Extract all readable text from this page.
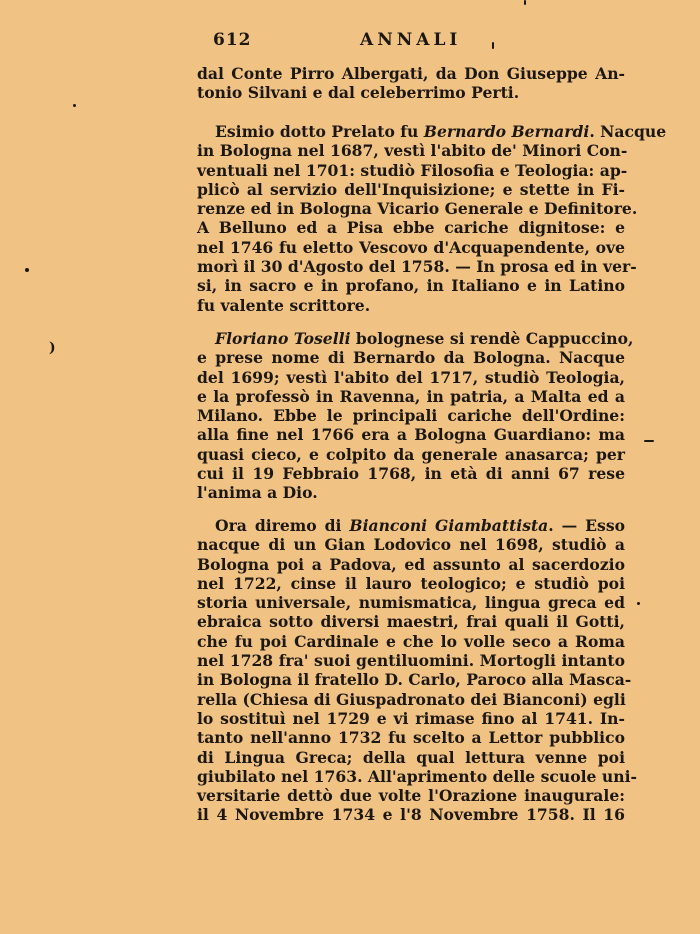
612	ANNALI
dal Conte Pirro Albergati, da Don Giuseppe An-
tonio Silvani e dal celeberrimo Perti.
Esimio dotto Prelato fu Bernardo Bernardi. Nacque
in Bologna nel 1687, vestì l'abito de' Minori Con-
ventuali nel 1701: studiò Filosofia e Teologia: ap-
plicò al servizio dell'Inquisizione; e stette in Fi-
renze ed in Bologna Vicario Generale e Definitore.
A Belluno ed a Pisa ebbe cariche dignitose: e
nel 1746 fu eletto Vescovo d'Acquapendente, ove
morì il 30 d'Agosto del 1758. — In prosa ed in ver-
si, in sacro e in profano, in Italiano e in Latino
fu valente scrittore.
Floriano Toselli bolognese si rendè Cappuccino,
e prese nome di Bernardo da Bologna. Nacque
del 1699; vestì l'abito del 1717, studiò Teologia,
e la professò in Ravenna, in patria, a Malta ed a
Milano. Ebbe le principali cariche dell'Ordine:
alla fine nel 1766 era a Bologna Guardiano: ma
quasi cieco, e colpito da generale anasarca; per
cui il 19 Febbraio 1768, in età di anni 67 rese
l'anima a Dio.
Ora diremo di Bianconi Giambattista. — Esso
nacque di un Gian Lodovico nel 1698, studiò a
Bologna poi a Padova, ed assunto al sacerdozio
nel 1722, cinse il lauro teologico; e studiò poi
storia universale, numismatica, lingua greca ed
ebraica sotto diversi maestri, frai quali il Gotti,
che fu poi Cardinale e che lo volle seco a Roma
nel 1728 fra' suoi gentiluomini. Mortogli intanto
in Bologna il fratello D. Carlo, Paroco alla Masca-
rella (Chiesa di Giuspadronato dei Bianconi) egli
lo sostituì nel 1729 e vi rimase fino al 1741. In-
tanto nell'anno 1732 fu scelto a Lettor pubblico
di Lingua Greca; della qual lettura venne poi
giubilato nel 1763. All'aprimento delle scuole uni-
versitarie dettò due volte l'Orazione inaugurale:
il 4 Novembre 1734 e l'8 Novembre 1758. Il 16
)
